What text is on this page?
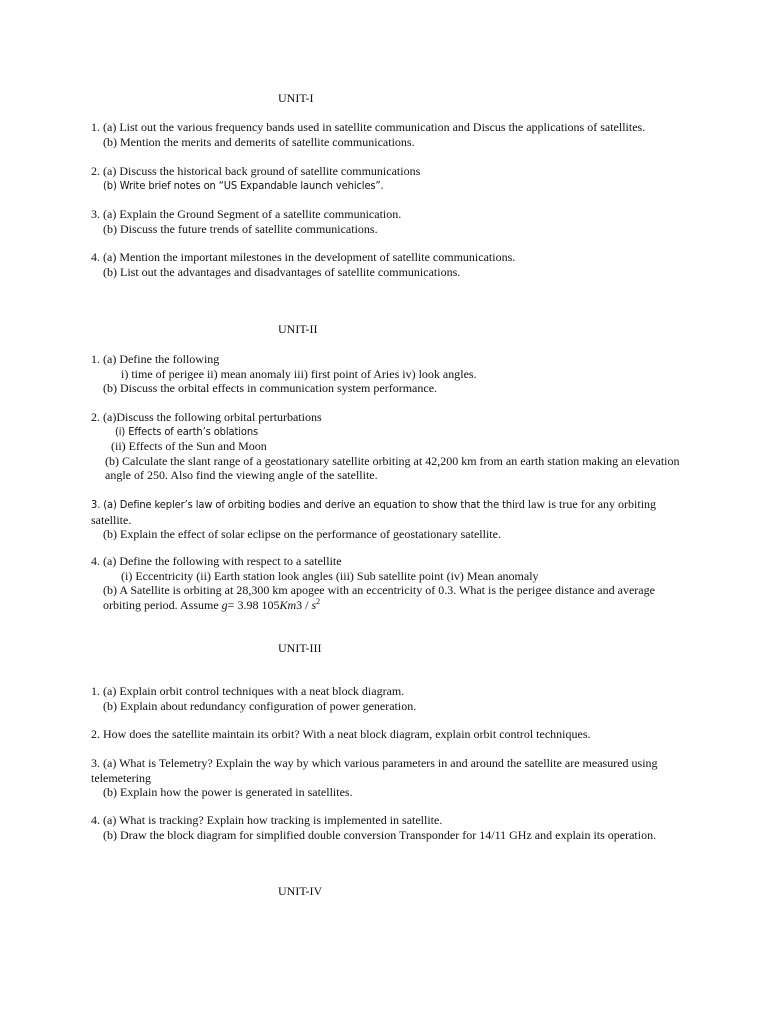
UNIT-I
1. (a) List out the various frequency bands used in satellite communication and Discus the applications of satellites.
(b) Mention the merits and demerits of satellite communications.
2. (a) Discuss the historical back ground of satellite communications
(b) Write brief notes on “US Expandable launch vehicles”.
3. (a) Explain the Ground Segment of a satellite communication.
(b) Discuss the future trends of satellite communications.
4. (a) Mention the important milestones in the development of satellite communications.
(b) List out the advantages and disadvantages of satellite communications.
UNIT-II
1. (a) Define the following
i) time of perigee ii) mean anomaly iii) first point of Aries iv) look angles.
(b) Discuss the orbital effects in communication system performance.
2. (a)Discuss the following orbital perturbations
(i) Effects of earth’s oblations
(ii) Effects of the Sun and Moon
(b) Calculate the slant range of a geostationary satellite orbiting at 42,200 km from an earth station making an elevation angle of 250. Also find the viewing angle of the satellite.
3. (a) Define kepler’s law of orbiting bodies and derive an equation to show that the third law is true for any orbiting satellite.
(b) Explain the effect of solar eclipse on the performance of geostationary satellite.
4. (a) Define the following with respect to a satellite
(i) Eccentricity (ii) Earth station look angles (iii) Sub satellite point (iv) Mean anomaly
(b) A Satellite is orbiting at 28,300 km apogee with an eccentricity of 0.3. What is the perigee distance and average orbiting period. Assume g= 3.98 $105Km3 / s^2$
UNIT-III
1. (a) Explain orbit control techniques with a neat block diagram.
(b) Explain about redundancy configuration of power generation.
2. How does the satellite maintain its orbit? With a neat block diagram, explain orbit control techniques.
3. (a) What is Telemetry? Explain the way by which various parameters in and around the satellite are measured using telemetering
(b) Explain how the power is generated in satellites.
4. (a) What is tracking? Explain how tracking is implemented in satellite.
(b) Draw the block diagram for simplified double conversion Transponder for 14/11 GHz and explain its operation.
UNIT-IV
